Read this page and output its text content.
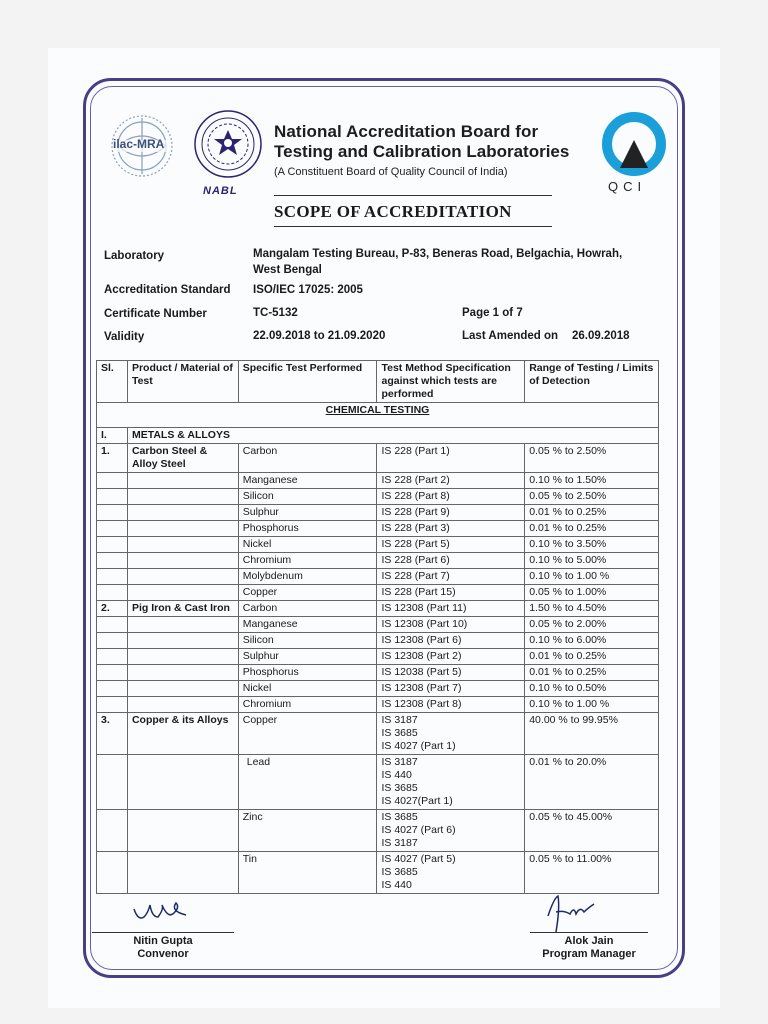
ilac-MRA
NABL
National Accreditation Board for
Testing and Calibration Laboratories
(A Constituent Board of Quality Council of India)
QCI
SCOPE OF ACCREDITATION
Laboratory	Mangalam Testing Bureau, P-83, Beneras Road, Belgachia, Howrah,
West Bengal
Accreditation Standard ISO/IEC 17025: 2005
Certificate Number	TC-5132	Page 1 of 7
Validity	22.09.2018 to 21.09.2020	Last Amended on 26.09.2018
Sl.	Product / Material of Test	Specific Test Performed	Test Method Specification against which tests are performed	Range of Testing / Limits of Detection
CHEMICAL TESTING				
I.	METALS & ALLOYS			
1.	Carbon Steel & Alloy Steel	Carbon	IS 228 (Part 1)	0.05 % to 2.50%
		Manganese	IS 228 (Part 2)	0.10 % to 1.50%
		Silicon	IS 228 (Part 8)	0.05 % to 2.50%
		Sulphur	IS 228 (Part 9)	0.01 % to 0.25%
		Phosphorus	IS 228 (Part 3)	0.01 % to 0.25%
		Nickel	IS 228 (Part 5)	0.10 % to 3.50%
		Chromium	IS 228 (Part 6)	0.10 % to 5.00%
		Molybdenum	IS 228 (Part 7)	0.10 % to 1.00 %
		Copper	IS 228 (Part 15)	0.05 % to 1.00%
2.	Pig Iron & Cast Iron	Carbon	IS 12308 (Part 11)	1.50 % to 4.50%
		Manganese	IS 12308 (Part 10)	0.05 % to 2.00%
		Silicon	IS 12308 (Part 6)	0.10 % to 6.00%
		Sulphur	IS 12308 (Part 2)	0.01 % to 0.25%
		Phosphorus	IS 12038 (Part 5)	0.01 % to 0.25%
		Nickel	IS 12308 (Part 7)	0.10 % to 0.50%
		Chromium	IS 12308 (Part 8)	0.10 % to 1.00 %
3.	Copper & its Alloys	Copper	IS 3187
IS 3685
IS 4027 (Part 1)	40.00 % to 99.95%
		Lead	IS 3187
IS 440
IS 3685
IS 4027(Part 1)	0.01 % to 20.0%
		Zinc	IS 3685
IS 4027 (Part 6)
IS 3187	0.05 % to 45.00%
		Tin	IS 4027 (Part 5)
IS 3685
IS 440	0.05 % to 11.00%
Nitin Gupta
Convenor
Alok Jain
Program Manager
